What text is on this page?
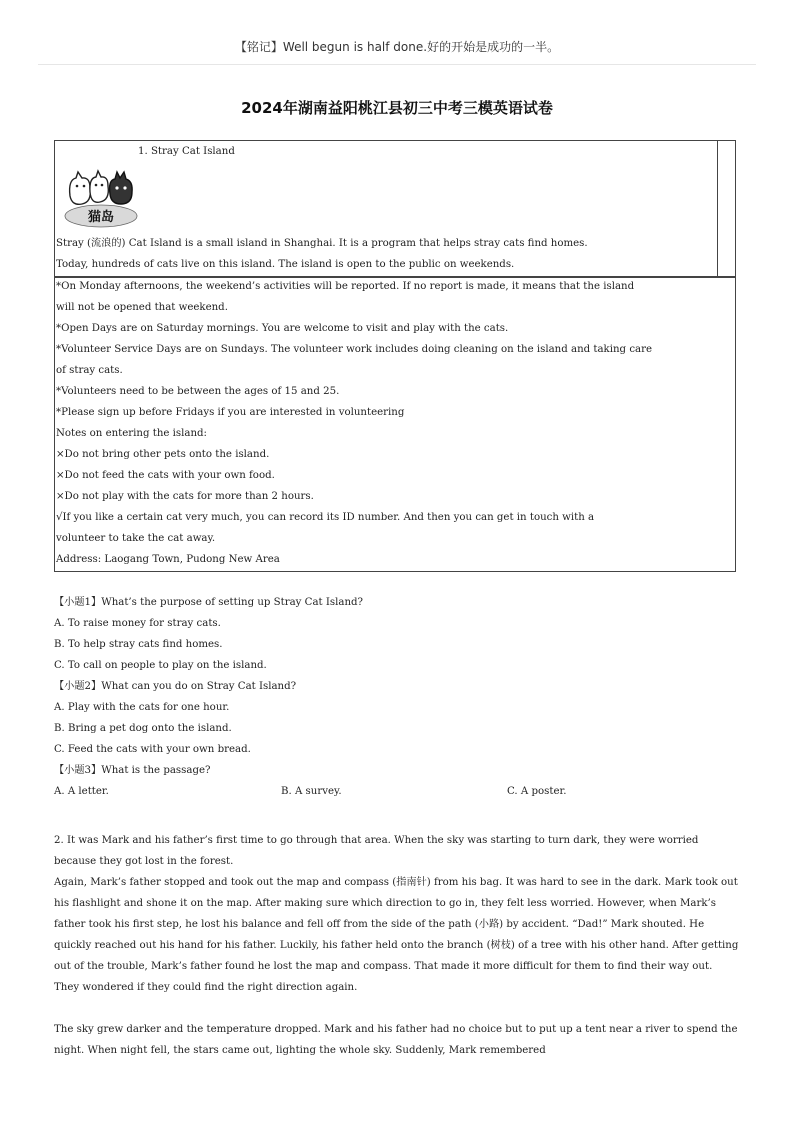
【铭记】Well begun is half done.好的开始是成功的一半。
2024年湖南益阳桃江县初三中考三模英语试卷
1. Stray Cat Island
猫岛
Stray (流浪的) Cat Island is a small island in Shanghai. It is a program that helps stray cats find homes.
Today, hundreds of cats live on this island. The island is open to the public on weekends.
*On Monday afternoons, the weekend’s activities will be reported. If no report is made, it means that the island
will not be opened that weekend.
*Open Days are on Saturday mornings. You are welcome to visit and play with the cats.
*Volunteer Service Days are on Sundays. The volunteer work includes doing cleaning on the island and taking care
of stray cats.
*Volunteers need to be between the ages of 15 and 25.
*Please sign up before Fridays if you are interested in volunteering
Notes on entering the island:
×Do not bring other pets onto the island.
×Do not feed the cats with your own food.
×Do not play with the cats for more than 2 hours.
√If you like a certain cat very much, you can record its ID number. And then you can get in touch with a
volunteer to take the cat away.
Address: Laogang Town, Pudong New Area
【小题1】What’s the purpose of setting up Stray Cat Island?
A. To raise money for stray cats.
B. To help stray cats find homes.
C. To call on people to play on the island.
【小题2】What can you do on Stray Cat Island?
A. Play with the cats for one hour.
B. Bring a pet dog onto the island.
C. Feed the cats with your own bread.
【小题3】What is the passage?
A. A letter.	B. A survey.	C. A poster.
2. It was Mark and his father’s first time to go through that area. When the sky was starting to turn dark, they were worried because they got lost in the forest.
Again, Mark’s father stopped and took out the map and compass (指南针) from his bag. It was hard to see in the dark. Mark took out his flashlight and shone it on the map. After making sure which direction to go in, they felt less worried. However, when Mark’s father took his first step, he lost his balance and fell off from the side of the path (小路) by accident. “Dad!” Mark shouted. He quickly reached out his hand for his father. Luckily, his father held onto the branch (树枝) of a tree with his other hand. After getting out of the trouble, Mark’s father found he lost the map and compass. That made it more difficult for them to find their way out. They wondered if they could find the right direction again.
The sky grew darker and the temperature dropped. Mark and his father had no choice but to put up a tent near a river to spend the night. When night fell, the stars came out, lighting the whole sky. Suddenly, Mark remembered
